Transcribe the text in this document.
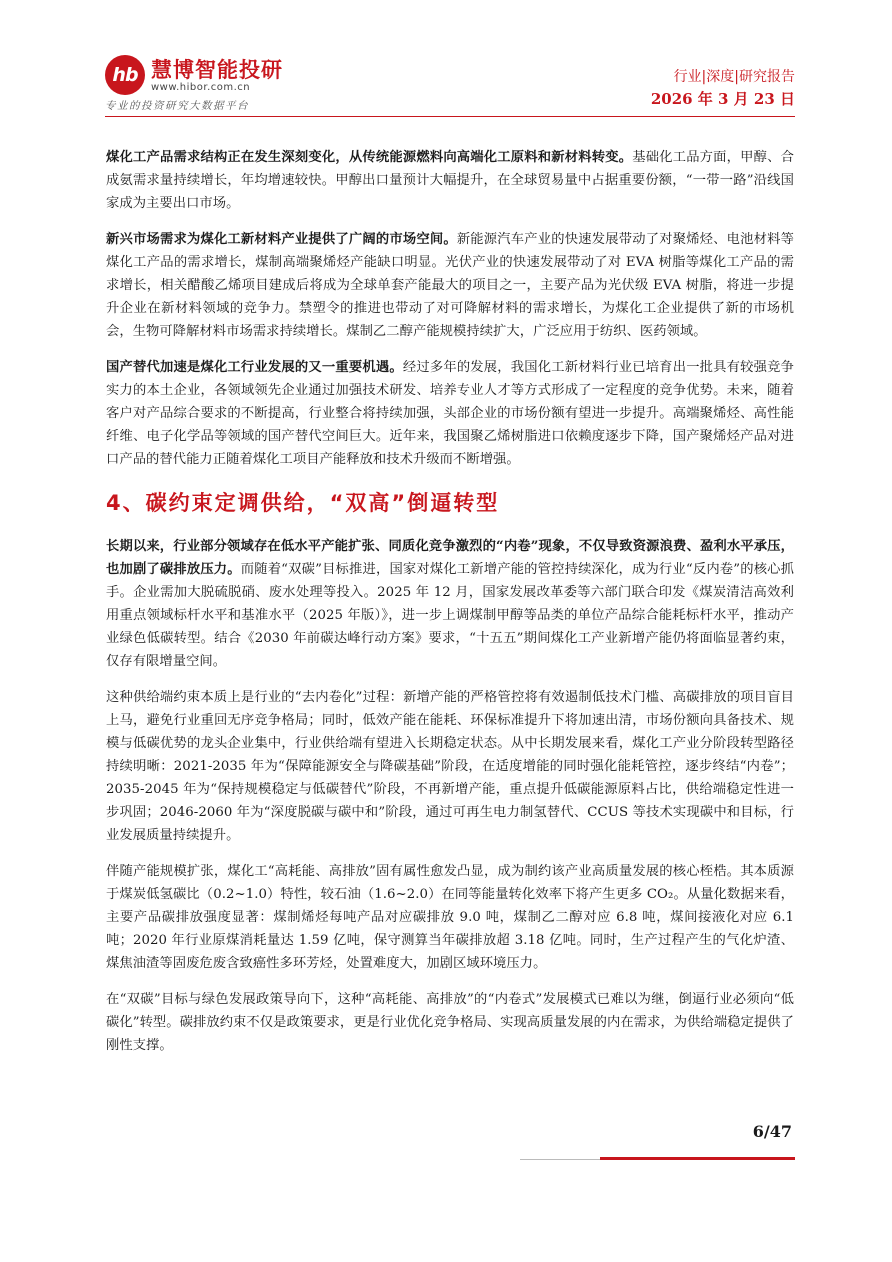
hb 慧博智能投研
www.hibor.com.cn
专业的投资研究大数据平台
行业|深度|研究报告
2026 年 3 月 23 日

煤化工产品需求结构正在发生深刻变化，从传统能源燃料向高端化工原料和新材料转变。基础化工品方面，甲醇、合成氨需求量持续增长，年均增速较快。甲醇出口量预计大幅提升，在全球贸易量中占据重要份额，“一带一路”沿线国家成为主要出口市场。

新兴市场需求为煤化工新材料产业提供了广阔的市场空间。新能源汽车产业的快速发展带动了对聚烯烃、电池材料等煤化工产品的需求增长，煤制高端聚烯烃产能缺口明显。光伏产业的快速发展带动了对 EVA 树脂等煤化工产品的需求增长，相关醋酸乙烯项目建成后将成为全球单套产能最大的项目之一，主要产品为光伏级 EVA 树脂，将进一步提升企业在新材料领域的竞争力。禁塑令的推进也带动了对可降解材料的需求增长，为煤化工企业提供了新的市场机会，生物可降解材料市场需求持续增长。煤制乙二醇产能规模持续扩大，广泛应用于纺织、医药领域。

国产替代加速是煤化工行业发展的又一重要机遇。经过多年的发展，我国化工新材料行业已培育出一批具有较强竞争实力的本土企业，各领域领先企业通过加强技术研发、培养专业人才等方式形成了一定程度的竞争优势。未来，随着客户对产品综合要求的不断提高，行业整合将持续加强，头部企业的市场份额有望进一步提升。高端聚烯烃、高性能纤维、电子化学品等领域的国产替代空间巨大。近年来，我国聚乙烯树脂进口依赖度逐步下降，国产聚烯烃产品对进口产品的替代能力正随着煤化工项目产能释放和技术升级而不断增强。

4、碳约束定调供给，“双高”倒逼转型

长期以来，行业部分领域存在低水平产能扩张、同质化竞争激烈的“内卷”现象，不仅导致资源浪费、盈利水平承压，也加剧了碳排放压力。而随着“双碳”目标推进，国家对煤化工新增产能的管控持续深化，成为行业“反内卷”的核心抓手。企业需加大脱硫脱硝、废水处理等投入。2025 年 12 月，国家发展改革委等六部门联合印发《煤炭清洁高效利用重点领域标杆水平和基准水平（2025 年版）》，进一步上调煤制甲醇等品类的单位产品综合能耗标杆水平，推动产业绿色低碳转型。结合《2030 年前碳达峰行动方案》要求，“十五五”期间煤化工产业新增产能仍将面临显著约束，仅存有限增量空间。

这种供给端约束本质上是行业的“去内卷化”过程：新增产能的严格管控将有效遏制低技术门槛、高碳排放的项目盲目上马，避免行业重回无序竞争格局；同时，低效产能在能耗、环保标准提升下将加速出清，市场份额向具备技术、规模与低碳优势的龙头企业集中，行业供给端有望进入长期稳定状态。从中长期发展来看，煤化工产业分阶段转型路径持续明晰：2021-2035 年为“保障能源安全与降碳基础”阶段，在适度增能的同时强化能耗管控，逐步终结“内卷”；2035-2045 年为“保持规模稳定与低碳替代”阶段，不再新增产能，重点提升低碳能源原料占比，供给端稳定性进一步巩固；2046-2060 年为“深度脱碳与碳中和”阶段，通过可再生电力制氢替代、CCUS 等技术实现碳中和目标，行业发展质量持续提升。

伴随产能规模扩张，煤化工“高耗能、高排放”固有属性愈发凸显，成为制约该产业高质量发展的核心桎梏。其本质源于煤炭低氢碳比（0.2~1.0）特性，较石油（1.6~2.0）在同等能量转化效率下将产生更多 CO₂。从量化数据来看，主要产品碳排放强度显著：煤制烯烃每吨产品对应碳排放 9.0 吨，煤制乙二醇对应 6.8 吨，煤间接液化对应 6.1 吨；2020 年行业原煤消耗量达 1.59 亿吨，保守测算当年碳排放超 3.18 亿吨。同时，生产过程产生的气化炉渣、煤焦油渣等固废危废含致癌性多环芳烃，处置难度大，加剧区域环境压力。

在“双碳”目标与绿色发展政策导向下，这种“高耗能、高排放”的“内卷式”发展模式已难以为继，倒逼行业必须向“低碳化”转型。碳排放约束不仅是政策要求，更是行业优化竞争格局、实现高质量发展的内在需求，为供给端稳定提供了刚性支撑。

6/47
